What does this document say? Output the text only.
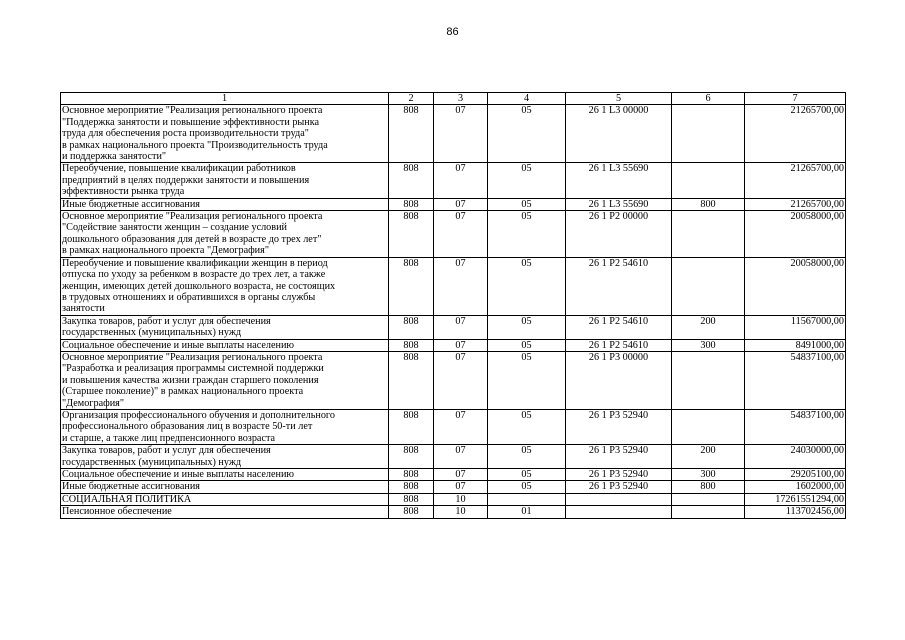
86
1	2	3	4	5	6	7

Основное мероприятие "Реализация регионального проекта
"Поддержка занятости и повышение эффективности рынка
труда для обеспечения роста производительности труда"
в рамках национального проекта "Производительность труда
и поддержка занятости"	808	07	05	26 1 L3 00000		21265700,00

Переобучение, повышение квалификации работников
предприятий в целях поддержки занятости и повышения
эффективности рынка труда	808	07	05	26 1 L3 55690		21265700,00

Иные бюджетные ассигнования	808	07	05	26 1 L3 55690	800	21265700,00

Основное мероприятие "Реализация регионального проекта
"Содействие занятости женщин – создание условий
дошкольного образования для детей в возрасте до трех лет"
в рамках национального проекта "Демография"	808	07	05	26 1 P2 00000		20058000,00

Переобучение и повышение квалификации женщин в период
отпуска по уходу за ребенком в возрасте до трех лет, а также
женщин, имеющих детей дошкольного возраста, не состоящих
в трудовых отношениях и обратившихся в органы службы
занятости	808	07	05	26 1 P2 54610		20058000,00

Закупка товаров, работ и услуг для обеспечения
государственных (муниципальных) нужд	808	07	05	26 1 P2 54610	200	11567000,00

Социальное обеспечение и иные выплаты населению	808	07	05	26 1 P2 54610	300	8491000,00

Основное мероприятие "Реализация регионального проекта
"Разработка и реализация программы системной поддержки
и повышения качества жизни граждан старшего поколения
(Старшее поколение)" в рамках национального проекта
"Демография"	808	07	05	26 1 P3 00000		54837100,00

Организация профессионального обучения и дополнительного
профессионального образования лиц в возрасте 50-ти лет
и старше, а также лиц предпенсионного возраста	808	07	05	26 1 P3 52940		54837100,00

Закупка товаров, работ и услуг для обеспечения
государственных (муниципальных) нужд	808	07	05	26 1 P3 52940	200	24030000,00

Социальное обеспечение и иные выплаты населению	808	07	05	26 1 P3 52940	300	29205100,00

Иные бюджетные ассигнования	808	07	05	26 1 P3 52940	800	1602000,00

СОЦИАЛЬНАЯ ПОЛИТИКА	808	10				17261551294,00

Пенсионное обеспечение	808	10	01			113702456,00
